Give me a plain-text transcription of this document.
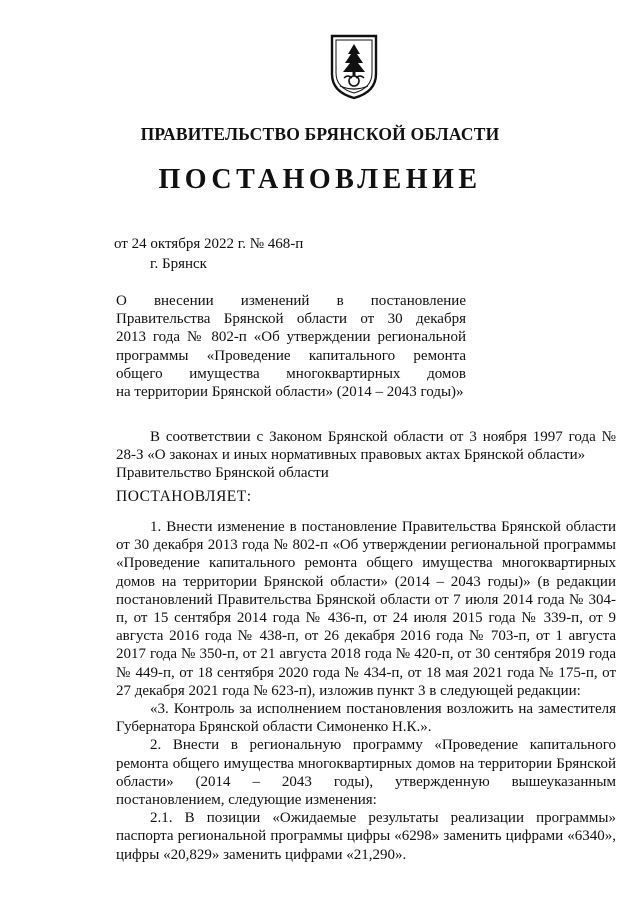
ПРАВИТЕЛЬСТВО БРЯНСКОЙ ОБЛАСТИ
ПОСТАНОВЛЕНИЕ
от 24 октября 2022 г. № 468-п
г. Брянск
О внесении изменений в постановление
Правительства Брянской области от 30 декабря
2013 года № 802-п «Об утверждении региональной
программы «Проведение капитального ремонта
общего имущества многоквартирных домов
на территории Брянской области» (2014 – 2043 годы)»

В соответствии с Законом Брянской области от 3 ноября 1997 года № 28-З «О законах и иных нормативных правовых актах Брянской области»

Правительство Брянской области

ПОСТАНОВЛЯЕТ:

1. Внести изменение в постановление Правительства Брянской области от 30 декабря 2013 года № 802-п «Об утверждении региональной программы «Проведение капитального ремонта общего имущества многоквартирных домов на территории Брянской области» (2014 – 2043 годы)» (в редакции постановлений Правительства Брянской области от 7 июля 2014 года № 304-п, от 15 сентября 2014 года № 436-п, от 24 июля 2015 года № 339-п, от 9 августа 2016 года № 438-п, от 26 декабря 2016 года № 703-п, от 1 августа 2017 года № 350-п, от 21 августа 2018 года № 420-п, от 30 сентября 2019 года № 449-п, от 18 сентября 2020 года № 434-п, от 18 мая 2021 года № 175-п, от 27 декабря 2021 года № 623-п), изложив пункт 3 в следующей редакции:

«3. Контроль за исполнением постановления возложить на заместителя Губернатора Брянской области Симоненко Н.К.».

2. Внести в региональную программу «Проведение капитального ремонта общего имущества многоквартирных домов на территории Брянской области» (2014 – 2043 годы), утвержденную вышеуказанным постановлением, следующие изменения:

2.1. В позиции «Ожидаемые результаты реализации программы» паспорта региональной программы цифры «6298» заменить цифрами «6340», цифры «20,829» заменить цифрами «21,290».
